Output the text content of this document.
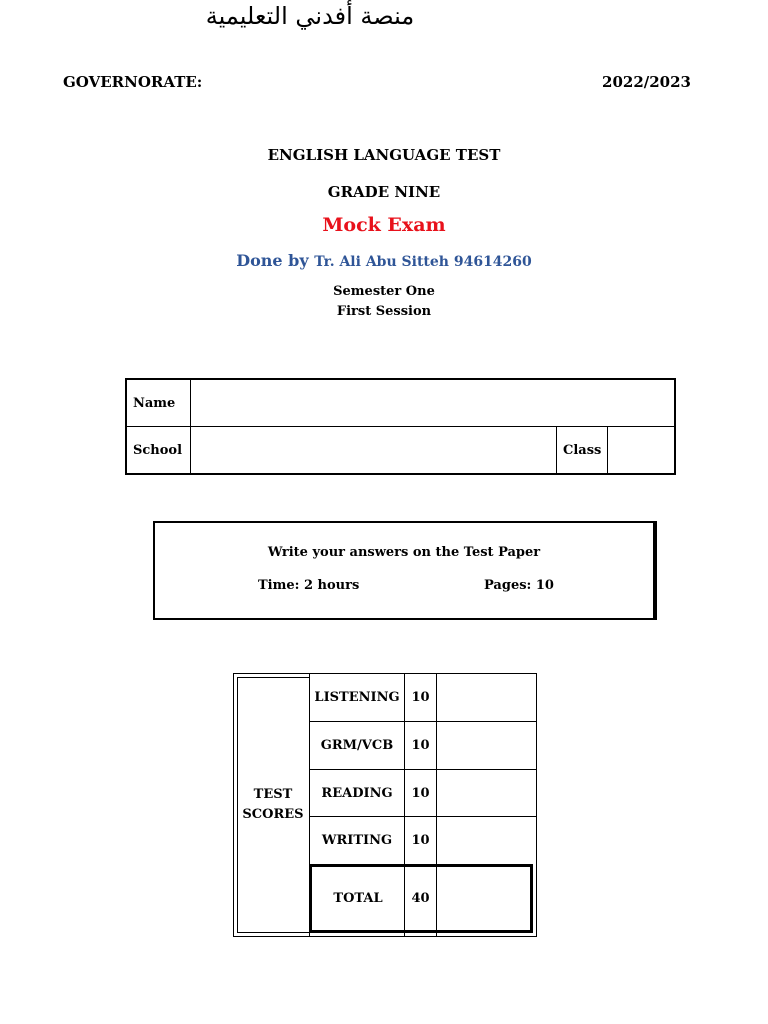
منصة أفدني التعليمية
GOVERNORATE:	2022/2023
ENGLISH LANGUAGE TEST
GRADE NINE
Mock Exam
Done by Tr. Ali Abu Sitteh 94614260
Semester One
First Session
Name			
School		Class	
Write your answers on the Test Paper
Time: 2 hours	Pages: 10
TEST SCORES
LISTENING 10
GRM/VCB	10
READING	10
WRITING	10
TOTAL	40
